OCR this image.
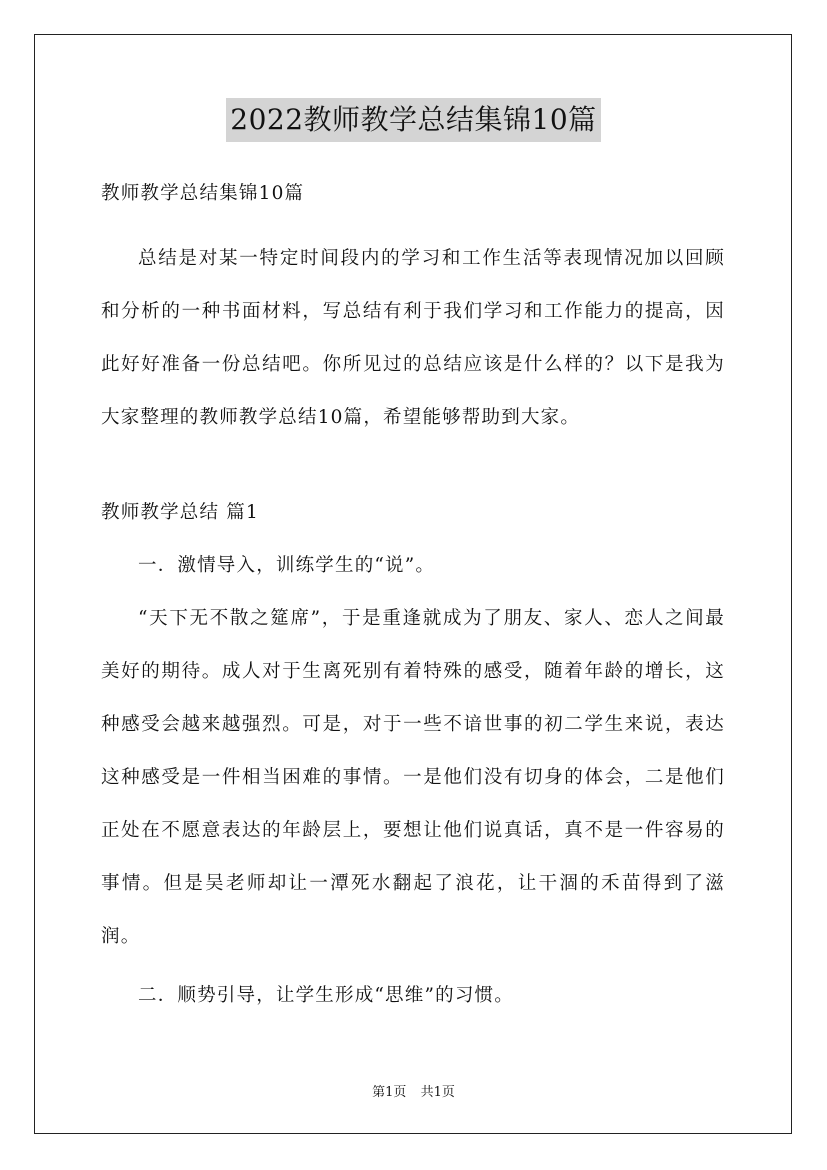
2022教师教学总结集锦10篇

教师教学总结集锦10篇

总结是对某一特定时间段内的学习和工作生活等表现情况加以回顾和分析的一种书面材料，写总结有利于我们学习和工作能力的提高，因此好好准备一份总结吧。你所见过的总结应该是什么样的？以下是我为大家整理的教师教学总结10篇，希望能够帮助到大家。

教师教学总结 篇1

一．激情导入，训练学生的“说”。

“天下无不散之筵席”，于是重逢就成为了朋友、家人、恋人之间最美好的期待。成人对于生离死别有着特殊的感受，随着年龄的增长，这种感受会越来越强烈。可是，对于一些不谙世事的初二学生来说，表达这种感受是一件相当困难的事情。一是他们没有切身的体会，二是他们正处在不愿意表达的年龄层上，要想让他们说真话，真不是一件容易的事情。但是吴老师却让一潭死水翻起了浪花，让干涸的禾苗得到了滋润。

二．顺势引导，让学生形成“思维”的习惯。

第1页 共1页
